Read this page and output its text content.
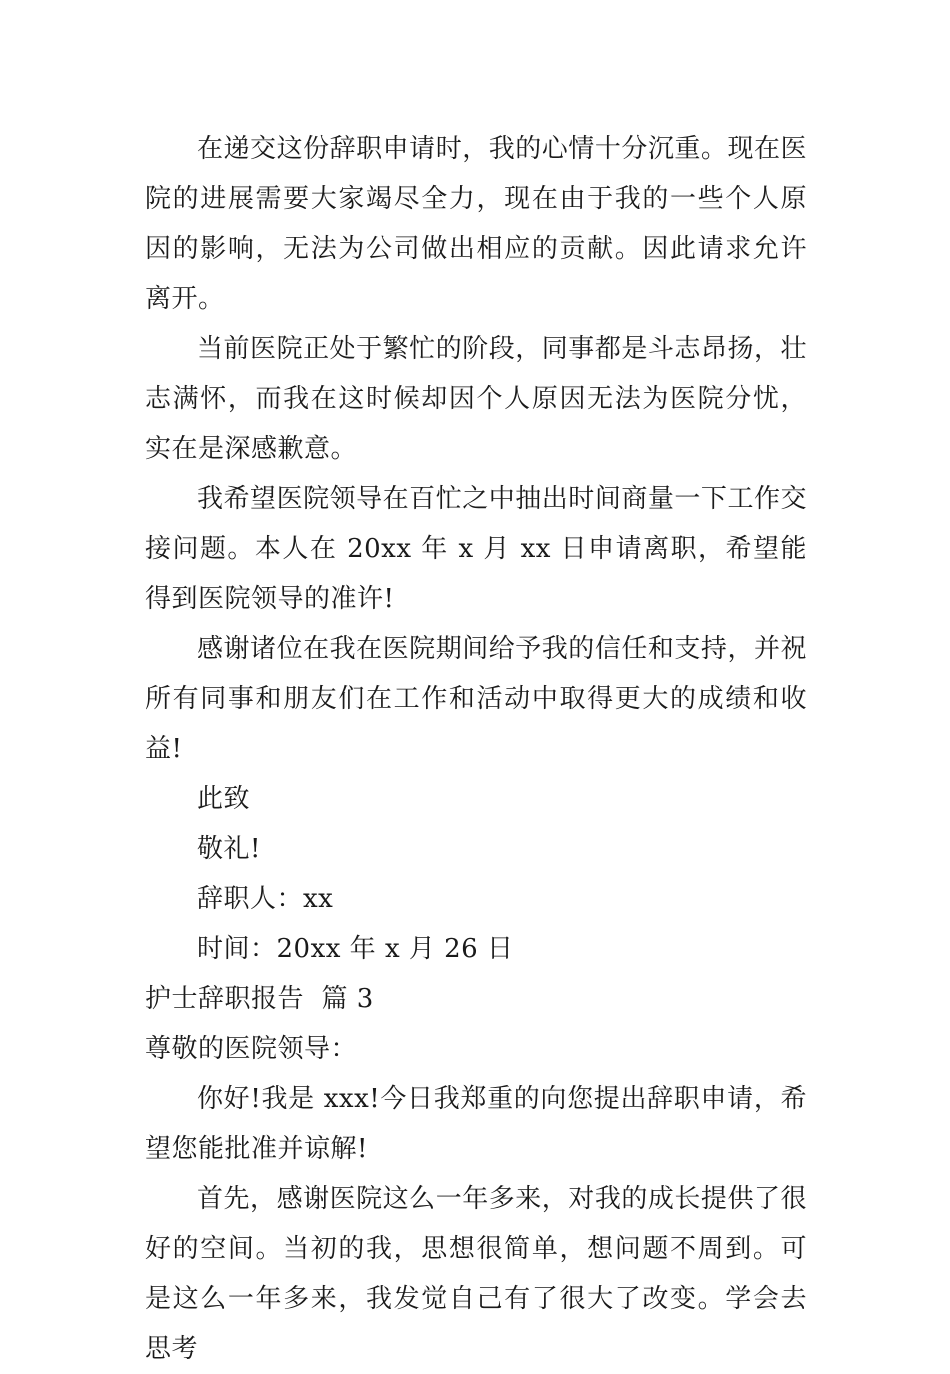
在递交这份辞职申请时，我的心情十分沉重。现在医院的进展需要大家竭尽全力，现在由于我的一些个人原因的影响，无法为公司做出相应的贡献。因此请求允许离开。

当前医院正处于繁忙的阶段，同事都是斗志昂扬，壮志满怀，而我在这时候却因个人原因无法为医院分忧，实在是深感歉意。

我希望医院领导在百忙之中抽出时间商量一下工作交接问题。本人在 20xx 年 x 月 xx 日申请离职，希望能得到医院领导的准许!

感谢诸位在我在医院期间给予我的信任和支持，并祝所有同事和朋友们在工作和活动中取得更大的成绩和收益!

此致

敬礼!

辞职人：xx

时间：20xx 年 x 月 26 日

护士辞职报告  篇 3

尊敬的医院领导：

你好!我是 xxx!今日我郑重的向您提出辞职申请，希望您能批准并谅解!

首先，感谢医院这么一年多来，对我的成长提供了很好的空间。当初的我，思想很简单，想问题不周到。可是这么一年多来，我发觉自己有了很大了改变。学会去思考
